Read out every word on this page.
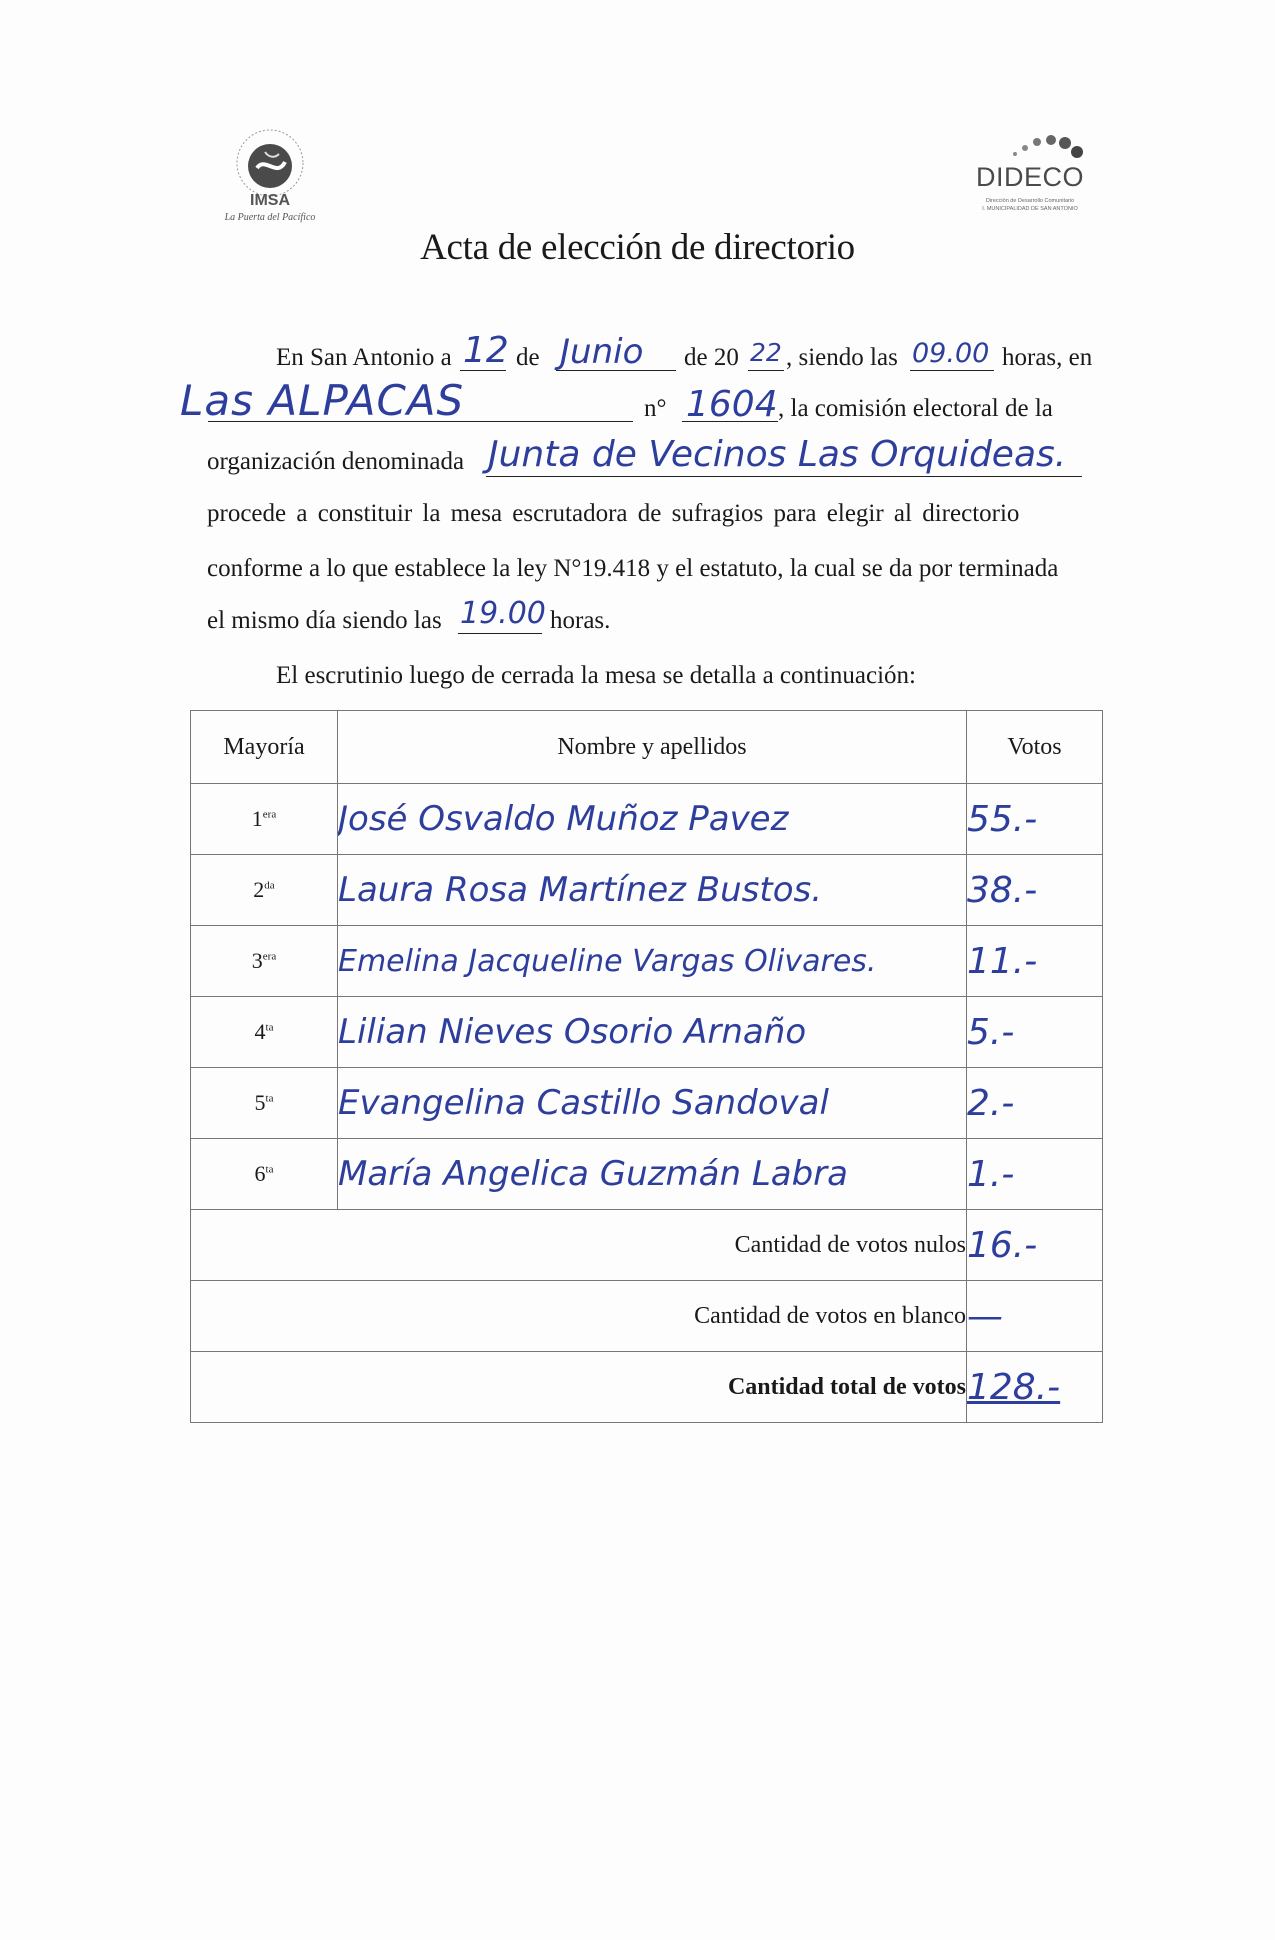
IMSA
La Puerta del Pacífico
DIDECO
Dirección de Desarrollo Comunitario
I. MUNICIPALIDAD DE SAN ANTONIO
Acta de elección de directorio
En San Antonio a 12 de Junio de 20 22 , siendo las 09.00 horas, en
Las ALPACAS	n° 1604 , la comisión electoral de la
organización denominada Junta de Vecinos Las Orquideas.
procede a constituir la mesa escrutadora de sufragios para elegir al directorio
conforme a lo que establece la ley N°19.418 y el estatuto, la cual se da por terminada
el mismo día siendo las 19.00 horas.
El escrutinio luego de cerrada la mesa se detalla a continuación:
Mayoría	Nombre y apellidos	Votos
$1^{era}$	José Osvaldo Muñoz Pavez	55.-
$2^{da}$	Laura Rosa Martínez Bustos.	38.-
$3^{era}$	Emelina Jacqueline Vargas Olivares.	11.-
$4^{ta}$	Lilian Nieves Osorio Arnaño	5.-
$5^{ta}$	Evangelina Castillo Sandoval	2.-
$6^{ta}$	María Angelica Guzmán Labra	1.-
Cantidad de votos nulos		16.-
Cantidad de votos en blanco		—
Cantidad total de votos		128.-
